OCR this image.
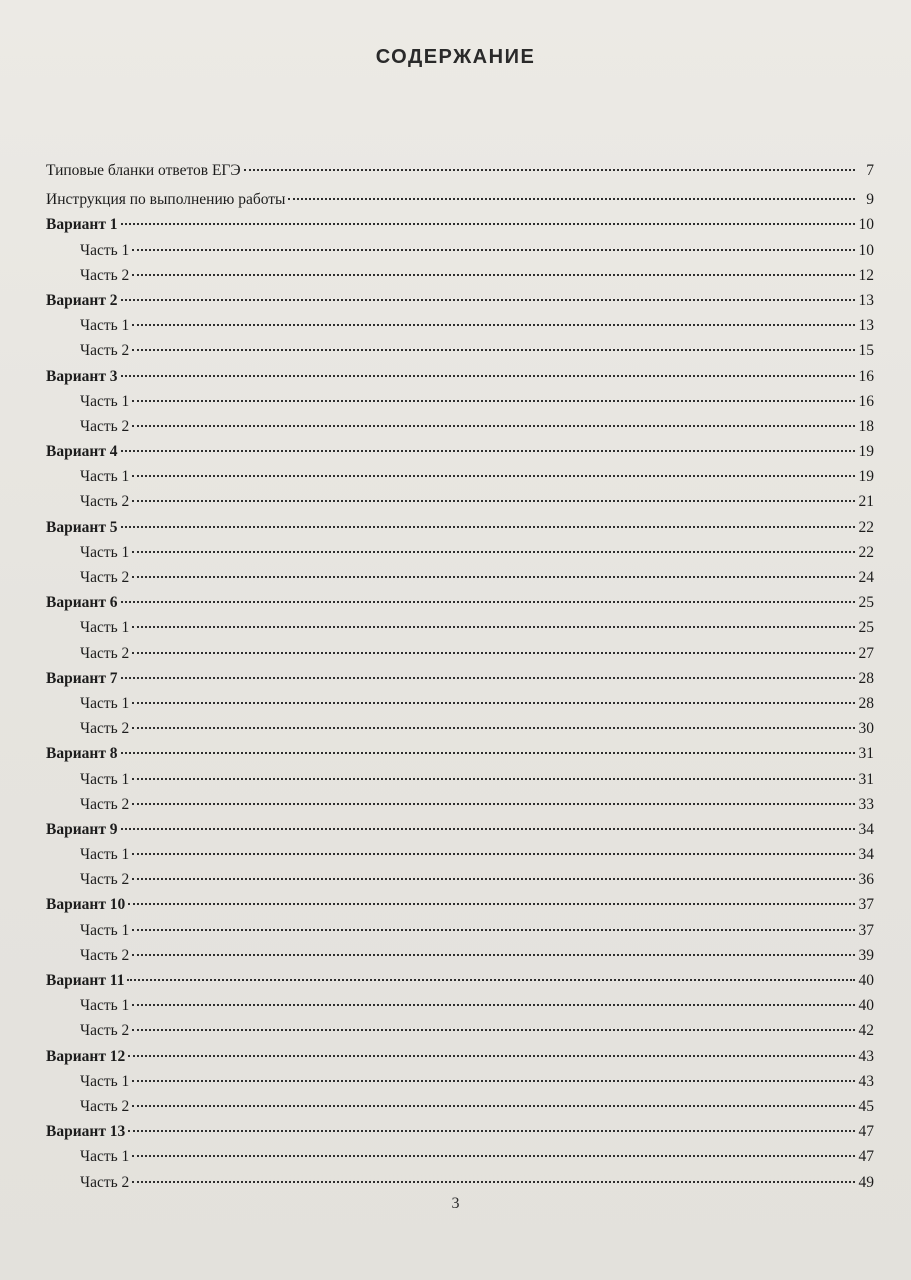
СОДЕРЖАНИЕ
Типовые бланки ответов ЕГЭ	7
Инструкция по выполнению работы	9
Вариант 1	10
Часть 1	10
Часть 2	12
Вариант 2	13
Часть 1	13
Часть 2	15
Вариант 3	16
Часть 1	16
Часть 2	18
Вариант 4	19
Часть 1	19
Часть 2	21
Вариант 5	22
Часть 1	22
Часть 2	24
Вариант 6	25
Часть 1	25
Часть 2	27
Вариант 7	28
Часть 1	28
Часть 2	30
Вариант 8	31
Часть 1	31
Часть 2	33
Вариант 9	34
Часть 1	34
Часть 2	36
Вариант 10	37
Часть 1	37
Часть 2	39
Вариант 11	40
Часть 1	40
Часть 2	42
Вариант 12	43
Часть 1	43
Часть 2	45
Вариант 13	47
Часть 1	47
Часть 2	49
3
